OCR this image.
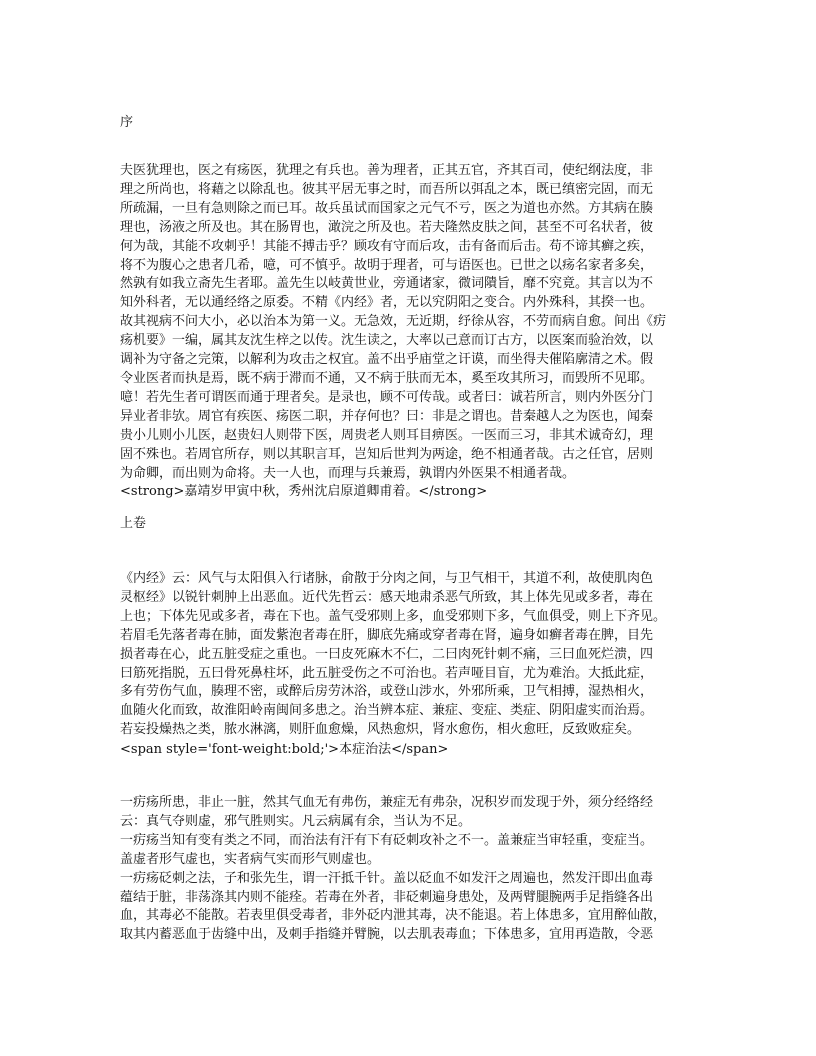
序
夫医犹理也，医之有疡医，犹理之有兵也。善为理者，正其五官，齐其百司，使纪纲法度，非
理之所尚也，将藉之以除乱也。彼其平居无事之时，而吾所以弭乱之本，既已缜密完固，而无
所疏漏，一旦有急则除之而已耳。故兵虽试而国家之元气不亏，医之为道也亦然。方其病在腠
理也，汤液之所及也。其在肠胃也，澉浣之所及也。若夫隆然皮肤之间，甚至不可名状者，彼
何为哉，其能不攻刺乎！其能不搏击乎？顾攻有守而后攻，击有备而后击。苟不谛其癣之疾，
将不为腹心之患者几希，噫，可不慎乎。故明于理者，可与语医也。已世之以疡名家者多矣，
然孰有如我立斋先生者耶。盖先生以岐黄世业，旁通诸家，微词隤旨，靡不究竟。其言以为不
知外科者，无以通经络之原委。不精《内经》者，无以究阴阳之变合。内外殊科，其揆一也。
故其视病不问大小，必以治本为第一义。无急效，无近期，纾徐从容，不劳而病自愈。间出《疠
疡机要》一编，属其友沈生梓之以传。沈生读之，大率以己意而订古方，以医案而验治效，以
调补为守备之完策，以解利为攻击之权宜。盖不出乎庙堂之讦谟，而坐得夫催陷廓清之术。假
令业医者而执是焉，既不病于滞而不通，又不病于肤而无本，奚至攻其所习，而毁所不见耶。
噫！若先生者可谓医而通于理者矣。是录也，顾不可传哉。或者曰：诚若所言，则内外医分门
异业者非欤。周官有疾医、疡医二职，并存何也？曰：非是之谓也。昔秦越人之为医也，闻秦
贵小儿则小儿医，赵贵妇人则带下医，周贵老人则耳目痹医。一医而三习，非其术诚奇幻，理
固不殊也。若周官所存，则以其职言耳，岂知后世判为两途，绝不相通者哉。古之任官，居则
为命卿，而出则为命将。夫一人也，而理与兵兼焉，孰谓内外医果不相通者哉。
<strong>嘉靖岁甲寅中秋，秀州沈启原道卿甫着。</strong>
上卷
《内经》云：风气与太阳俱入行诸脉，俞散于分肉之间，与卫气相干，其道不利，故使肌肉色
灵枢经》以锐针刺肿上出恶血。近代先哲云：感天地肃杀恶气所致，其上体先见或多者，毒在
上也；下体先见或多者，毒在下也。盖气受邪则上多，血受邪则下多，气血俱受，则上下齐见。
若眉毛先落者毒在肺，面发紫泡者毒在肝，脚底先痛或穿者毒在肾，遍身如癣者毒在脾，目先
损者毒在心，此五脏受症之重也。一曰皮死麻木不仁，二曰肉死针刺不痛，三曰血死烂溃，四
曰筋死指脱，五曰骨死鼻柱坏，此五脏受伤之不可治也。若声哑目盲，尤为难治。大抵此症，
多有劳伤气血，腠理不密，或醉后房劳沐浴，或登山涉水，外邪所乘，卫气相搏，湿热相火，
血随火化而致，故淮阳岭南闽间多患之。治当辨本症、兼症、变症、类症、阴阳虚实而治焉。
若妄投燥热之类，脓水淋漓，则肝血愈燥，风热愈炽，肾水愈伤，相火愈旺，反致败症矣。
<span style='font-weight:bold;'>本症治法</span>
一疠疡所患，非止一脏，然其气血无有弗伤，兼症无有弗杂，况积岁而发现于外，须分经络经
云：真气夺则虚，邪气胜则实。凡云病属有余，当认为不足。
一疠疡当知有变有类之不同，而治法有汗有下有砭刺攻补之不一。盖兼症当审轻重，变症当。
盖虚者形气虚也，实者病气实而形气则虚也。
一疠疡砭刺之法，子和张先生，谓一汗抵千针。盖以砭血不如发汗之周遍也，然发汗即出血毒
蕴结于脏，非荡涤其内则不能痊。若毒在外者，非砭刺遍身患处，及两臂腿腕两手足指缝各出
血，其毒必不能散。若表里俱受毒者，非外砭内泄其毒，决不能退。若上体患多，宜用醉仙散，
取其内蓄恶血于齿缝中出，及刺手指缝并臂腕，以去肌表毒血；下体患多，宜用再造散，令恶
